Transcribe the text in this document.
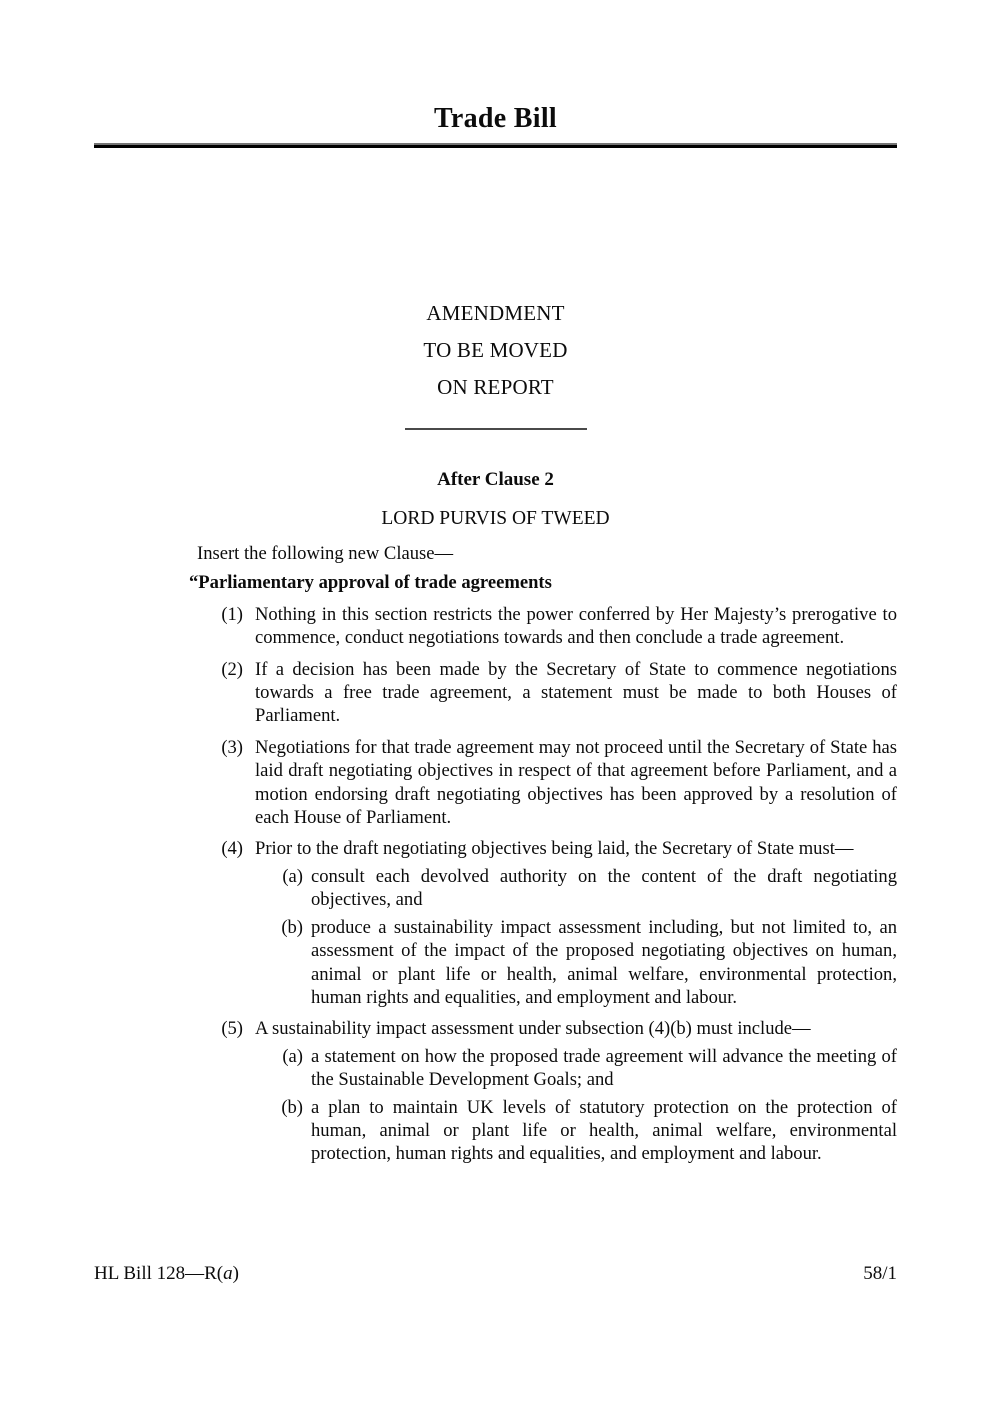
Trade Bill
AMENDMENT
TO BE MOVED
ON REPORT
After Clause 2
LORD PURVIS OF TWEED

Insert the following new Clause—

“Parliamentary approval of trade agreements

(1) Nothing in this section restricts the power conferred by Her Majesty’s prerogative to commence, conduct negotiations towards and then conclude a trade agreement.
(2) If a decision has been made by the Secretary of State to commence negotiations towards a free trade agreement, a statement must be made to both Houses of Parliament.
(3) Negotiations for that trade agreement may not proceed until the Secretary of State has laid draft negotiating objectives in respect of that agreement before Parliament, and a motion endorsing draft negotiating objectives has been approved by a resolution of each House of Parliament.
(4) Prior to the draft negotiating objectives being laid, the Secretary of State must—
(a) consult each devolved authority on the content of the draft negotiating objectives, and
(b) produce a sustainability impact assessment including, but not limited to, an assessment of the impact of the proposed negotiating objectives on human, animal or plant life or health, animal welfare, environmental protection, human rights and equalities, and employment and labour.
(5) A sustainability impact assessment under subsection (4)(b) must include—
(a) a statement on how the proposed trade agreement will advance the meeting of the Sustainable Development Goals; and
(b) a plan to maintain UK levels of statutory protection on the protection of human, animal or plant life or health, animal welfare, environmental protection, human rights and equalities, and employment and labour.
HL Bill 128—R(a)	58/1
